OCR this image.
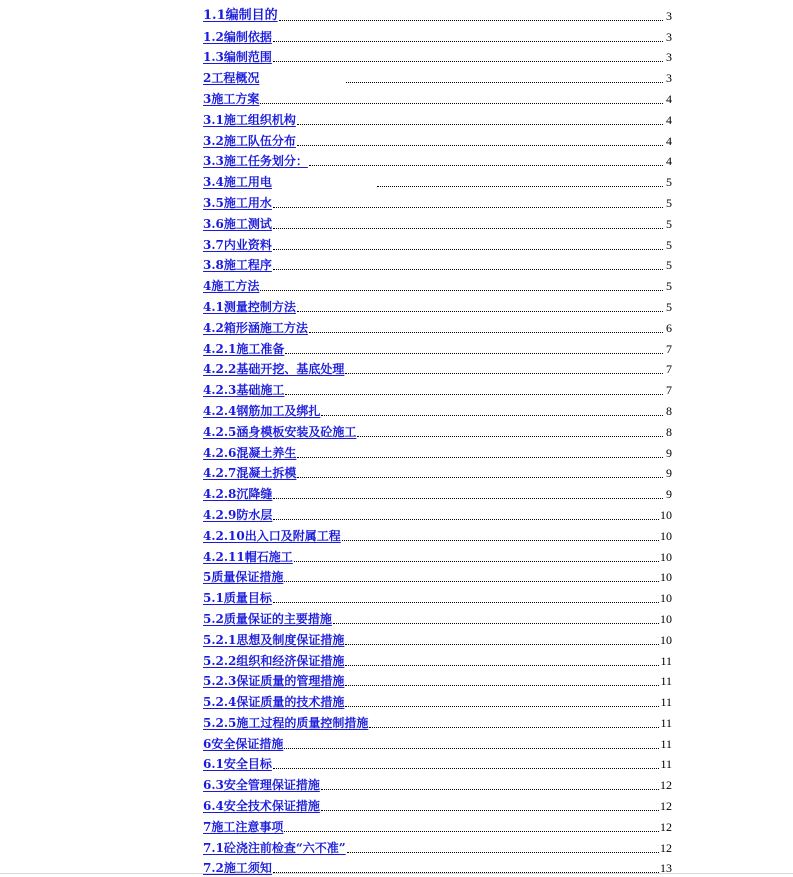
1.1编制目的	3
1.2编制依据	3
1.3编制范围	3
2工程概况	3
3施工方案	4
3.1施工组织机构	4
3.2施工队伍分布	4
3.3施工任务划分：	4
3.4施工用电	5
3.5施工用水	5
3.6施工测试	5
3.7内业资料	5
3.8施工程序	5
4施工方法	5
4.1测量控制方法	5
4.2箱形涵施工方法	6
4.2.1施工准备	7
4.2.2基础开挖、基底处理	7
4.2.3基础施工	7
4.2.4钢筋加工及绑扎	8
4.2.5涵身模板安装及砼施工	8
4.2.6混凝土养生	9
4.2.7混凝土拆模	9
4.2.8沉降缝	9
4.2.9防水层	10
4.2.10出入口及附属工程	10
4.2.11帽石施工	10
5质量保证措施	10
5.1质量目标	10
5.2质量保证的主要措施	10
5.2.1思想及制度保证措施	10
5.2.2组织和经济保证措施	11
5.2.3保证质量的管理措施	11
5.2.4保证质量的技术措施	11
5.2.5施工过程的质量控制措施	11
6安全保证措施	11
6.1安全目标	11
6.3安全管理保证措施	12
6.4安全技术保证措施	12
7施工注意事项	12
7.1砼浇注前检查“六不准”	12
7.2施工须知	13
